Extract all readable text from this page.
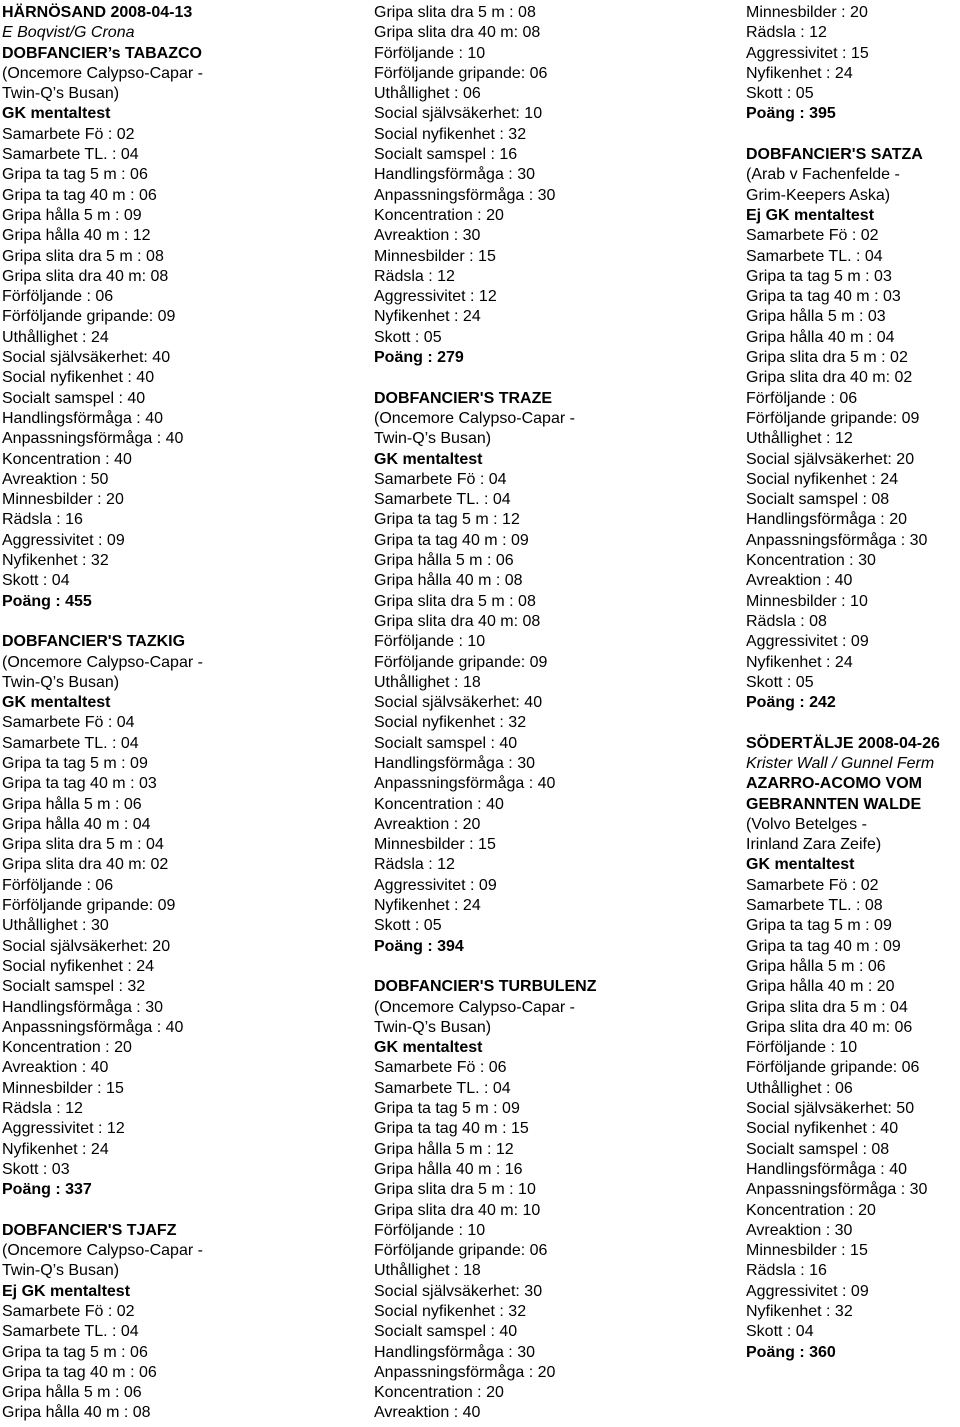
HÄRNÖSAND 2008-04-13
E Boqvist/G Crona
DOBFANCIER’s TABAZCO
(Oncemore Calypso-Capar -
Twin-Q’s Busan)
GK mentaltest
Samarbete Fö : 02
Samarbete TL. : 04
Gripa ta tag 5 m : 06
Gripa ta tag 40 m : 06
Gripa hålla 5 m : 09
Gripa hålla 40 m : 12
Gripa slita dra 5 m : 08
Gripa slita dra 40 m: 08
Förföljande : 06
Förföljande gripande: 09
Uthållighet : 24
Social självsäkerhet: 40
Social nyfikenhet : 40
Socialt samspel : 40
Handlingsförmåga : 40
Anpassningsförmåga : 40
Koncentration : 40
Avreaktion : 50
Minnesbilder : 20
Rädsla : 16
Aggressivitet : 09
Nyfikenhet : 32
Skott : 04
Poäng : 455
DOBFANCIER'S TAZKIG
(Oncemore Calypso-Capar -
Twin-Q’s Busan)
GK mentaltest
Samarbete Fö : 04
Samarbete TL. : 04
Gripa ta tag 5 m : 09
Gripa ta tag 40 m : 03
Gripa hålla 5 m : 06
Gripa hålla 40 m : 04
Gripa slita dra 5 m : 04
Gripa slita dra 40 m: 02
Förföljande : 06
Förföljande gripande: 09
Uthållighet : 30
Social självsäkerhet: 20
Social nyfikenhet : 24
Socialt samspel : 32
Handlingsförmåga : 30
Anpassningsförmåga : 40
Koncentration : 20
Avreaktion : 40
Minnesbilder : 15
Rädsla : 12
Aggressivitet : 12
Nyfikenhet : 24
Skott : 03
Poäng : 337
DOBFANCIER'S TJAFZ
(Oncemore Calypso-Capar -
Twin-Q’s Busan)
Ej GK mentaltest
Samarbete Fö : 02
Samarbete TL. : 04
Gripa ta tag 5 m : 06
Gripa ta tag 40 m : 06
Gripa hålla 5 m : 06
Gripa hålla 40 m : 08
Gripa slita dra 5 m : 08
Gripa slita dra 40 m: 08
Förföljande : 10
Förföljande gripande: 06
Uthållighet : 06
Social självsäkerhet: 10
Social nyfikenhet : 32
Socialt samspel : 16
Handlingsförmåga : 30
Anpassningsförmåga : 30
Koncentration : 20
Avreaktion : 30
Minnesbilder : 15
Rädsla : 12
Aggressivitet : 12
Nyfikenhet : 24
Skott : 05
Poäng : 279
DOBFANCIER'S TRAZE
(Oncemore Calypso-Capar -
Twin-Q’s Busan)
GK mentaltest
Samarbete Fö : 04
Samarbete TL. : 04
Gripa ta tag 5 m : 12
Gripa ta tag 40 m : 09
Gripa hålla 5 m : 06
Gripa hålla 40 m : 08
Gripa slita dra 5 m : 08
Gripa slita dra 40 m: 08
Förföljande : 10
Förföljande gripande: 09
Uthållighet : 18
Social självsäkerhet: 40
Social nyfikenhet : 32
Socialt samspel : 40
Handlingsförmåga : 30
Anpassningsförmåga : 40
Koncentration : 40
Avreaktion : 20
Minnesbilder : 15
Rädsla : 12
Aggressivitet : 09
Nyfikenhet : 24
Skott : 05
Poäng : 394
DOBFANCIER'S TURBULENZ
(Oncemore Calypso-Capar -
Twin-Q’s Busan)
GK mentaltest
Samarbete Fö : 06
Samarbete TL. : 04
Gripa ta tag 5 m : 09
Gripa ta tag 40 m : 15
Gripa hålla 5 m : 12
Gripa hålla 40 m : 16
Gripa slita dra 5 m : 10
Gripa slita dra 40 m: 10
Förföljande : 10
Förföljande gripande: 06
Uthållighet : 18
Social självsäkerhet: 30
Social nyfikenhet : 32
Socialt samspel : 40
Handlingsförmåga : 30
Anpassningsförmåga : 20
Koncentration : 20
Avreaktion : 40
Minnesbilder : 20
Rädsla : 12
Aggressivitet : 15
Nyfikenhet : 24
Skott : 05
Poäng : 395
DOBFANCIER'S SATZA
(Arab v Fachenfelde -
Grim-Keepers Aska)
Ej GK mentaltest
Samarbete Fö : 02
Samarbete TL. : 04
Gripa ta tag 5 m : 03
Gripa ta tag 40 m : 03
Gripa hålla 5 m : 03
Gripa hålla 40 m : 04
Gripa slita dra 5 m : 02
Gripa slita dra 40 m: 02
Förföljande : 06
Förföljande gripande: 09
Uthållighet : 12
Social självsäkerhet: 20
Social nyfikenhet : 24
Socialt samspel : 08
Handlingsförmåga : 20
Anpassningsförmåga : 30
Koncentration : 30
Avreaktion : 40
Minnesbilder : 10
Rädsla : 08
Aggressivitet : 09
Nyfikenhet : 24
Skott : 05
Poäng : 242
SÖDERTÄLJE 2008-04-26
Krister Wall / Gunnel Ferm
AZARRO-ACOMO VOM
GEBRANNTEN WALDE
(Volvo Betelges -
Irinland Zara Zeife)
GK mentaltest
Samarbete Fö : 02
Samarbete TL. : 08
Gripa ta tag 5 m : 09
Gripa ta tag 40 m : 09
Gripa hålla 5 m : 06
Gripa hålla 40 m : 20
Gripa slita dra 5 m : 04
Gripa slita dra 40 m: 06
Förföljande : 10
Förföljande gripande: 06
Uthållighet : 06
Social självsäkerhet: 50
Social nyfikenhet : 40
Socialt samspel : 08
Handlingsförmåga : 40
Anpassningsförmåga : 30
Koncentration : 20
Avreaktion : 30
Minnesbilder : 15
Rädsla : 16
Aggressivitet : 09
Nyfikenhet : 32
Skott : 04
Poäng : 360
